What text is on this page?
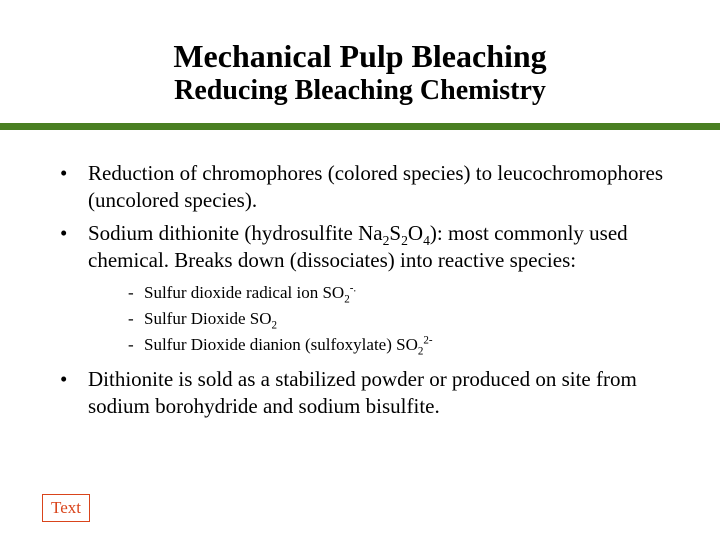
Mechanical Pulp Bleaching
Reducing Bleaching Chemistry
• Reduction of chromophores (colored species) to leucochromophores (uncolored species).
• Sodium dithionite (hydrosulfite $Na_2S_2O_4$): most commonly used chemical. Breaks down (dissociates) into reactive species:
- Sulfur dioxide radical ion $SO_2^{-.}$
- Sulfur Dioxide $SO_2$
- Sulfur Dioxide dianion (sulfoxylate) $SO_2^{2-}$
• Dithionite is sold as a stabilized powder or produced on site from sodium borohydride and sodium bisulfite.
Text
